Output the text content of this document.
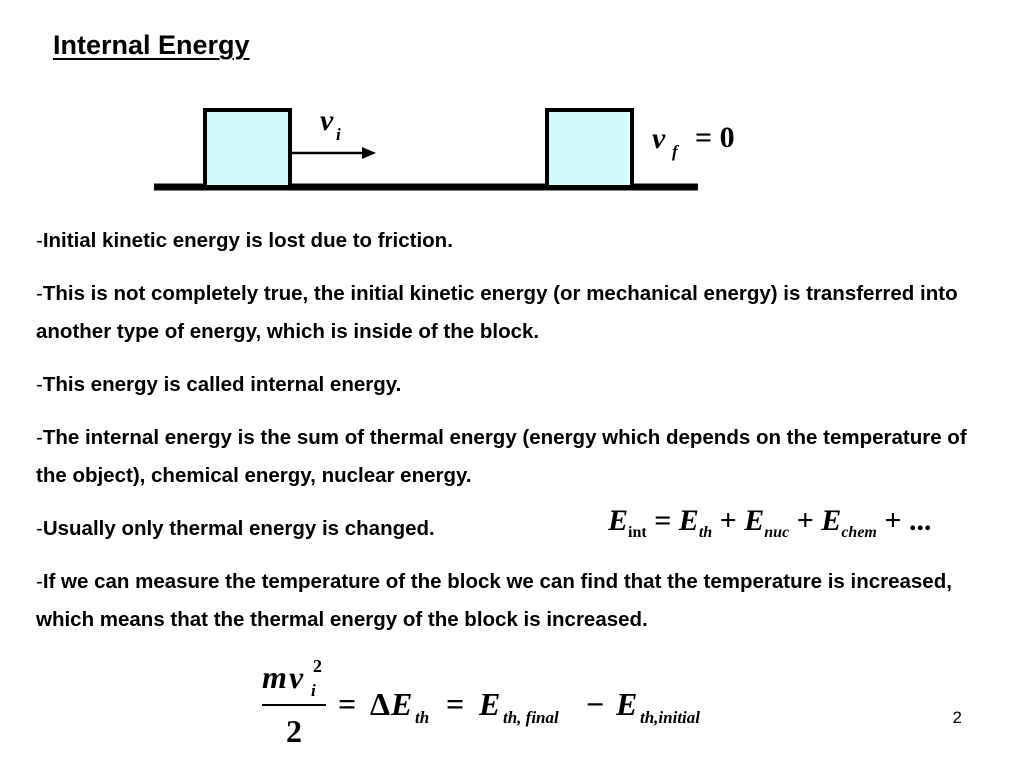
Internal Energy
v i	v f = 0
-Initial kinetic energy is lost due to friction.
-This is not completely true, the initial kinetic energy (or mechanical energy) is transferred into another type of energy, which is inside of the block.
-This energy is called internal energy.
-The internal energy is the sum of thermal energy (energy which depends on the temperature of the object), chemical energy, nuclear energy.
-Usually only thermal energy is changed.
-If we can measure the temperature of the block we can find that the temperature is increased, which means that the thermal energy of the block is increased.
$E_{int} = E_{th} + E_{nuc} + E_{chem}$ + ...
m v 2
i
2
= Δ E th = E th, final − E th,initial	2
